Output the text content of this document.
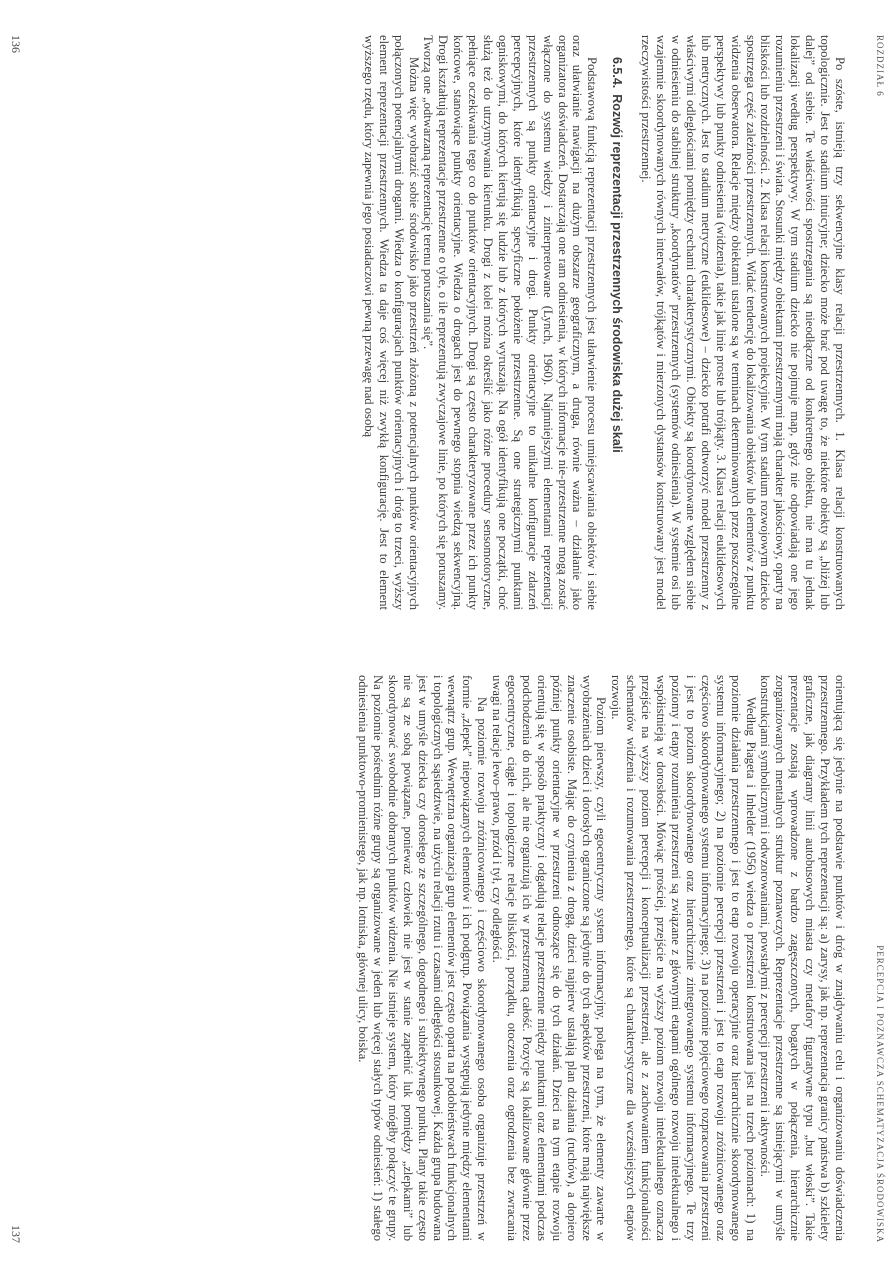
ROZDZIAŁ 6

Po szóste, istnieją trzy sekwencyjne klasy relacji przestrzennych. 1. Klasa relacji konstruowanych topologicznie. Jest to stadium intuicyjne; dziecko może brać pod uwagę to, że niektóre obiekty są „bliżej lub dalej” od siebie. Te właściwości spostrzegania są nieodłączne od konkretnego obiektu, nie ma tu jednak lokalizacji według perspektywy. W tym stadium dziecko nie pojmuje map, gdyż nie odpowiadają one jego rozumieniu przestrzeni i świata. Stosunki między obiektami przestrzennymi mają charakter jakościowy, oparty na bliskości lub rozdzielności. 2. Klasa relacji konstruowanych projekcyjnie. W tym stadium rozwojowym dziecko spostrzega część zależności przestrzennych. Widać tendencję do lokalizowania obiektów lub elementów z punktu widzenia obserwatora. Relacje między obiektami ustalone są w terminach determinowanych przez poszczególne perspektywy lub punkty odniesienia (widzenia), takie jak linie proste lub trójkąty. 3. Klasa relacji euklidesowych lub metrycznych. Jest to stadium metryczne (euklidesowe) – dziecko potrafi odtworzyć model przestrzenny z właściwymi odległościami pomiędzy cechami charakterystycznymi. Obiekty są koordynowane względem siebie w odniesieniu do stabilnej struktury „koordynatów” przestrzennych (systemów odniesienia). W systemie osi lub wzajemnie skoordynowanych równych interwałów, trójkątów i mierzonych dystansów konstruowany jest model rzeczywistości przestrzennej.

6.5.4.Rozwój reprezentacji przestrzennych środowiska dużej skali

Podstawową funkcją reprezentacji przestrzennych jest ułatwienie procesu umiejscawiania obiektów i siebie oraz ułatwianie nawigacji na dużym obszarze geograficznym, a druga, równie ważna – działanie jako organizatora doświadczeń. Dostarczają one ram odniesienia, w których informacje nie-przestrzenne mogą zostać włączone do systemu wiedzy i zinterpretowane (Lynch, 1960). Najmniejszymi elementami reprezentacji przestrzennych są punkty orientacyjne i drogi. Punkty orientacyjne to unikalne konfiguracje zdarzeń percepcyjnych, które identyfikują specyficzne położenie przestrzenne. Są one strategicznymi punktami ogniskowymi, do których kierują się ludzie lub z których wyruszają. Na ogół identyfikują one początki, choć służą też do utrzymywania kierunku. Drogi z kolei można określić jako różne procedury sensomotoryczne, pełniące oczekiwania tego co do punktów orientacyjnych. Drogi są często charakteryzowane przez ich punkty końcowe, stanowiące punkty orientacyjne. Wiedza o drogach jest do pewnego stopnia wiedzą sekwencyjną. Drogi kształtują reprezentacje przestrzenne o tyle, o ile reprezentują zwyczajowe linie, po których się poruszamy. Tworzą one „odtwarzaną reprezentację terenu poruszania się”.

Można więc wyobrazić sobie środowisko jako przestrzeń złożoną z potencjalnych punktów orientacyjnych połączonych potencjalnymi drogami. Wiedza o konfiguracjach punktów orientacyjnych i dróg to trzeci, wyższy element reprezentacji przestrzennych. Wiedza ta daje coś więcej niż zwykłą konfigurację. Jest to element wyższego rzędu, który zapewnia jego posiadaczowi pewną przewagę nad osobą

136
PERCEPCJA I POZNAWCZA SCHEMATYZACJA ŚRODOWISKA

orientującą się jedynie na podstawie punktów i dróg w znajdywaniu celu i organizowaniu doświadczenia przestrzennego. Przykładem tych reprezentacji są: a) zarysy, jak np. reprezentacja granicy państwa b) szkielety graficzne, jak diagramy linii autobusowych miasta czy metafory figuratywne typu „but włoski”. Takie prezentacje zostają wprowadzone z bardzo zagęszczonych, bogatych w połączenia, hierarchicznie zorganizowanych mentalnych struktur poznawczych. Reprezentacje przestrzenne są istniejącymi w umyśle konstrukcjami symbolicznymi i odwzorowaniami, powstałymi z percepcji przestrzeni i aktywności.

Według Piageta i Inhelder (1956) wiedza o przestrzeni konstruowana jest na trzech poziomach: 1) na poziomie działania przestrzennego i jest to etap rozwoju operacyjnie oraz hierarchicznie skoordynowanego systemu informacyjnego; 2) na poziomie percepcji przestrzeni i jest to etap rozwoju zróżnicowanego oraz częściowo skoordynowanego systemu informacyjnego; 3) na poziomie pojęciowego rozpracowania przestrzeni i jest to poziom skoordynowanego oraz hierarchicznie zintegrowanego systemu informacyjnego. Te trzy poziomy i etapy rozumienia przestrzeni są związane z głównymi etapami ogólnego rozwoju intelektualnego i współistnieją w dorosłości. Mówiąc prościej, przejście na wyższy poziom rozwoju intelektualnego oznacza przejście na wyższy poziom percepcji i konceptualizacji przestrzeni, ale z zachowaniem funkcjonalności schematów widzenia i rozumowania przestrzennego, które są charakterystyczne dla wcześniejszych etapów rozwoju.

Poziom pierwszy, czyli egocentryczny system informacyjny, polega na tym, że elementy zawarte w wyobrażeniach dzieci i dorosłych ograniczone są jedynie do tych aspektów przestrzeni, które mają największe znaczenie osobiste. Mając do czynienia z drogą, dzieci najpierw ustalają plan działania (ruchów), a dopiero później punkty orientacyjne w przestrzeni odnoszące się do tych działań. Dzieci na tym etapie rozwoju orientują się w sposób praktyczny i odgadują relacje przestrzenne między punktami oraz elementami podczas podchodzenia do nich, ale nie organizują ich w przestrzenną całość. Pozycje są lokalizowane głównie przez egocentryczne, ciągłe i topologiczne relacje bliskości, porządku, otoczenia oraz ogrodzenia bez zwracania uwagi na relacje lewo–prawo, przód i tył, czy odległości.

Na poziomie rozwoju zróżnicowanego i częściowo skoordynowanego osoba organizuje przestrzeń w formie „zlepek” niepowiązanych elementów i ich podgrup. Powiązania występują jedynie między elementami wewnątrz grup. Wewnętrzna organizacja grup elementów jest często oparta na podobieństwach funkcjonalnych i topologicznych sąsiedztwie, na użyciu relacji rzutu i czasami odległości stosunkowej. Każda grupa budowana jest w umyśle dziecka czy dorosłego ze szczególnego, dogodnego i subiektywnego punktu. Plany takie często nie są ze sobą powiązane, ponieważ człowiek nie jest w stanie zapełnić luk pomiędzy „zlepkami” lub skoordynować swobodnie dobranych punktów widzenia. Nie istnieje system, który mógłby połączyć te grupy. Na poziomie pośrednim różne grupy są organizowane w jeden lub więcej stałych typów odniesień: 1) stałego odniesienia punktowo-promienistego, jak np. lotniska, głównej ulicy, boiska.

137
